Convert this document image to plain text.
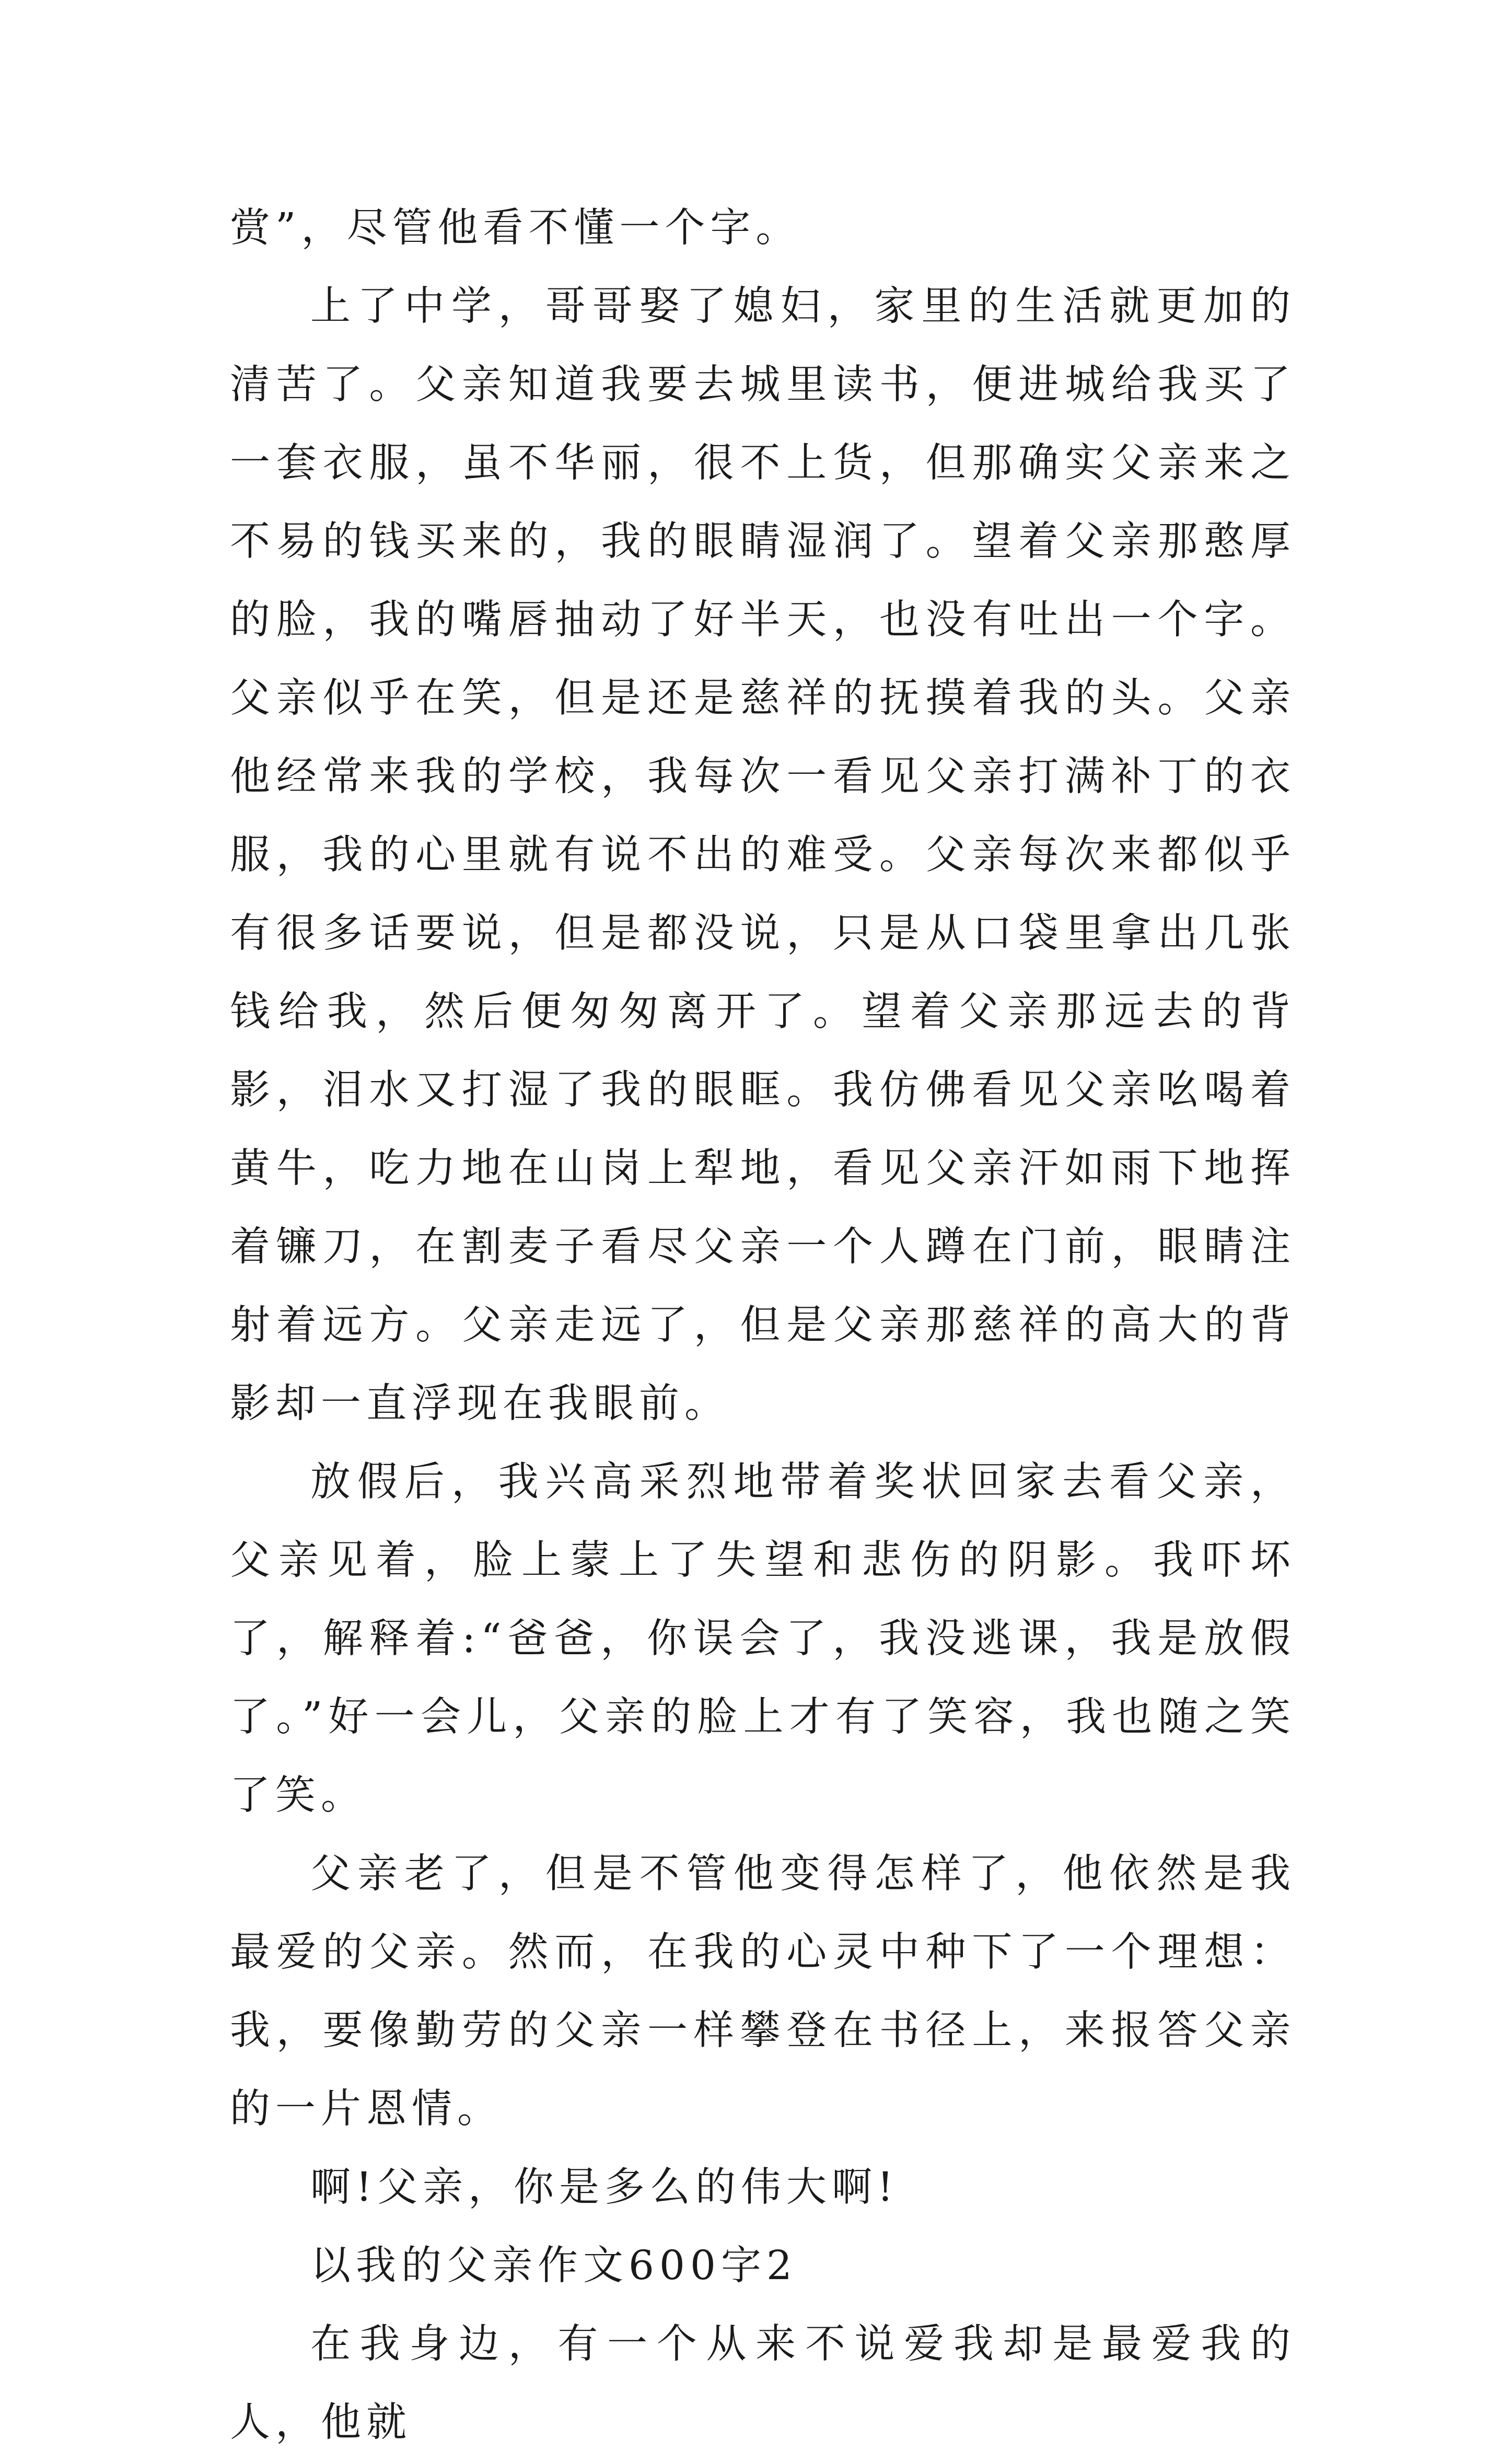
赏”，尽管他看不懂一个字。

上了中学，哥哥娶了媳妇，家里的生活就更加的清苦了。父亲知道我要去城里读书，便进城给我买了一套衣服，虽不华丽，很不上货，但那确实父亲来之不易的钱买来的，我的眼睛湿润了。望着父亲那憨厚的脸，我的嘴唇抽动了好半天，也没有吐出一个字。父亲似乎在笑，但是还是慈祥的抚摸着我的头。父亲他经常来我的学校，我每次一看见父亲打满补丁的衣服，我的心里就有说不出的难受。父亲每次来都似乎有很多话要说，但是都没说，只是从口袋里拿出几张钱给我，然后便匆匆离开了。望着父亲那远去的背影，泪水又打湿了我的眼眶。我仿佛看见父亲吆喝着黄牛，吃力地在山岗上犁地，看见父亲汗如雨下地挥着镰刀，在割麦子看尽父亲一个人蹲在门前，眼睛注射着远方。父亲走远了，但是父亲那慈祥的高大的背影却一直浮现在我眼前。

放假后，我兴高采烈地带着奖状回家去看父亲，父亲见着，脸上蒙上了失望和悲伤的阴影。我吓坏了，解释着:“爸爸，你误会了，我没逃课，我是放假了。”好一会儿，父亲的脸上才有了笑容，我也随之笑了笑。

父亲老了，但是不管他变得怎样了，他依然是我最爱的父亲。然而，在我的心灵中种下了一个理想：我，要像勤劳的父亲一样攀登在书径上，来报答父亲的一片恩情。

啊!父亲，你是多么的伟大啊!

以我的父亲作文600字2

在我身边，有一个从来不说爱我却是最爱我的人，他就
